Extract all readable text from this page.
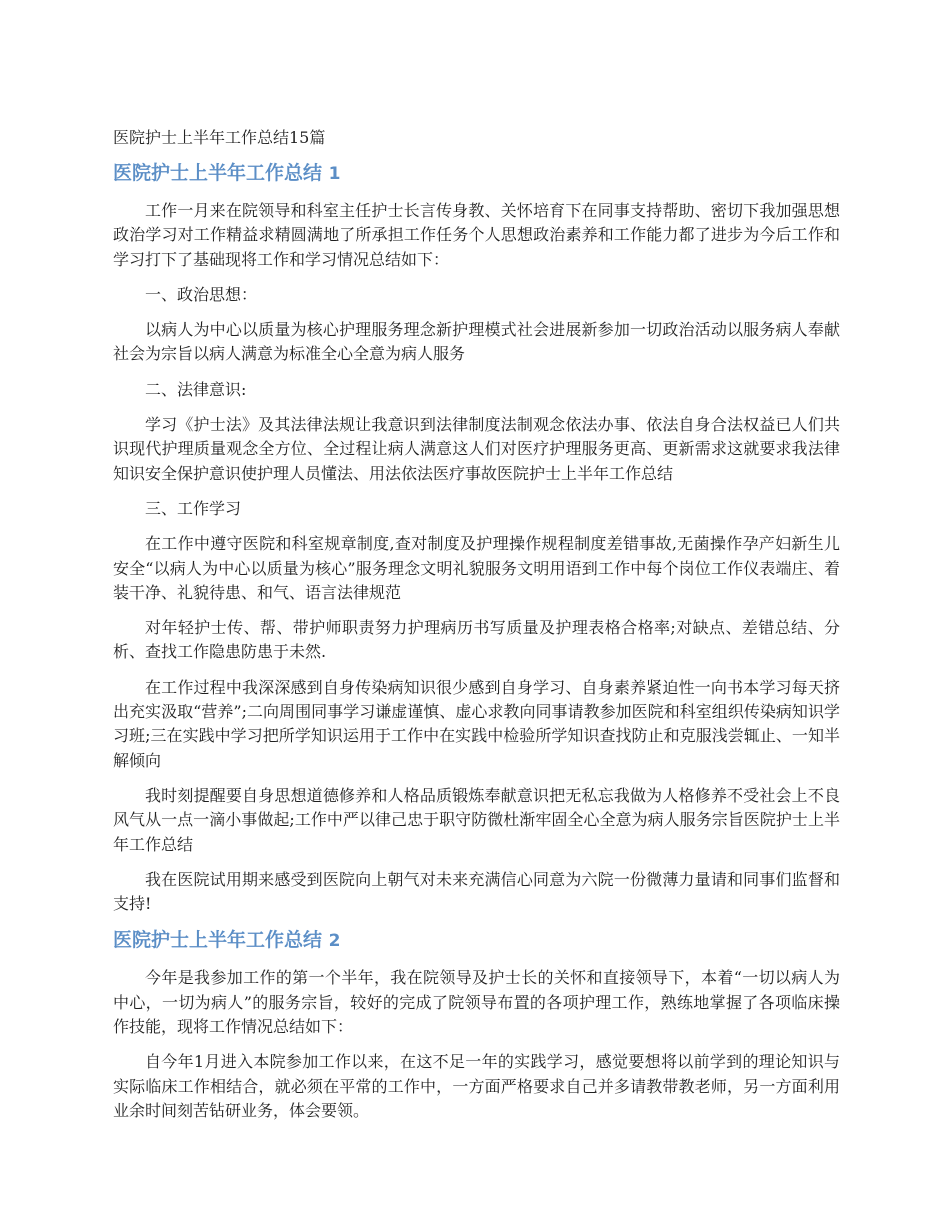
医院护士上半年工作总结15篇
医院护士上半年工作总结 1

工作一月来在院领导和科室主任护士长言传身教、关怀培育下在同事支持帮助、密切下我加强思想政治学习对工作精益求精圆满地了所承担工作任务个人思想政治素养和工作能力都了进步为今后工作和学习打下了基础现将工作和学习情况总结如下：

一、政治思想：

以病人为中心以质量为核心护理服务理念新护理模式社会进展新参加一切政治活动以服务病人奉献社会为宗旨以病人满意为标准全心全意为病人服务

二、法律意识:

学习《护士法》及其法律法规让我意识到法律制度法制观念依法办事、依法自身合法权益已人们共识现代护理质量观念全方位、全过程让病人满意这人们对医疗护理服务更高、更新需求这就要求我法律知识安全保护意识使护理人员懂法、用法依法医疗事故医院护士上半年工作总结

三、工作学习

在工作中遵守医院和科室规章制度,查对制度及护理操作规程制度差错事故,无菌操作孕产妇新生儿安全“以病人为中心以质量为核心”服务理念文明礼貌服务文明用语到工作中每个岗位工作仪表端庄、着装干净、礼貌待患、和气、语言法律规范

对年轻护士传、帮、带护师职责努力护理病历书写质量及护理表格合格率;对缺点、差错总结、分析、查找工作隐患防患于未然.

在工作过程中我深深感到自身传染病知识很少感到自身学习、自身素养紧迫性一向书本学习每天挤出充实汲取“营养”;二向周围同事学习谦虚谨慎、虚心求教向同事请教参加医院和科室组织传染病知识学习班;三在实践中学习把所学知识运用于工作中在实践中检验所学知识查找防止和克服浅尝辄止、一知半解倾向

我时刻提醒要自身思想道德修养和人格品质锻炼奉献意识把无私忘我做为人格修养不受社会上不良风气从一点一滴小事做起;工作中严以律己忠于职守防微杜渐牢固全心全意为病人服务宗旨医院护士上半年工作总结

我在医院试用期来感受到医院向上朝气对未来充满信心同意为六院一份微薄力量请和同事们监督和支持!

医院护士上半年工作总结 2

今年是我参加工作的第一个半年，我在院领导及护士长的关怀和直接领导下，本着“一切以病人为中心，一切为病人”的服务宗旨，较好的完成了院领导布置的各项护理工作，熟练地掌握了各项临床操作技能，现将工作情况总结如下：

自今年1月进入本院参加工作以来，在这不足一年的实践学习，感觉要想将以前学到的理论知识与实际临床工作相结合，就必须在平常的工作中，一方面严格要求自己并多请教带教老师，另一方面利用业余时间刻苦钻研业务，体会要领。
